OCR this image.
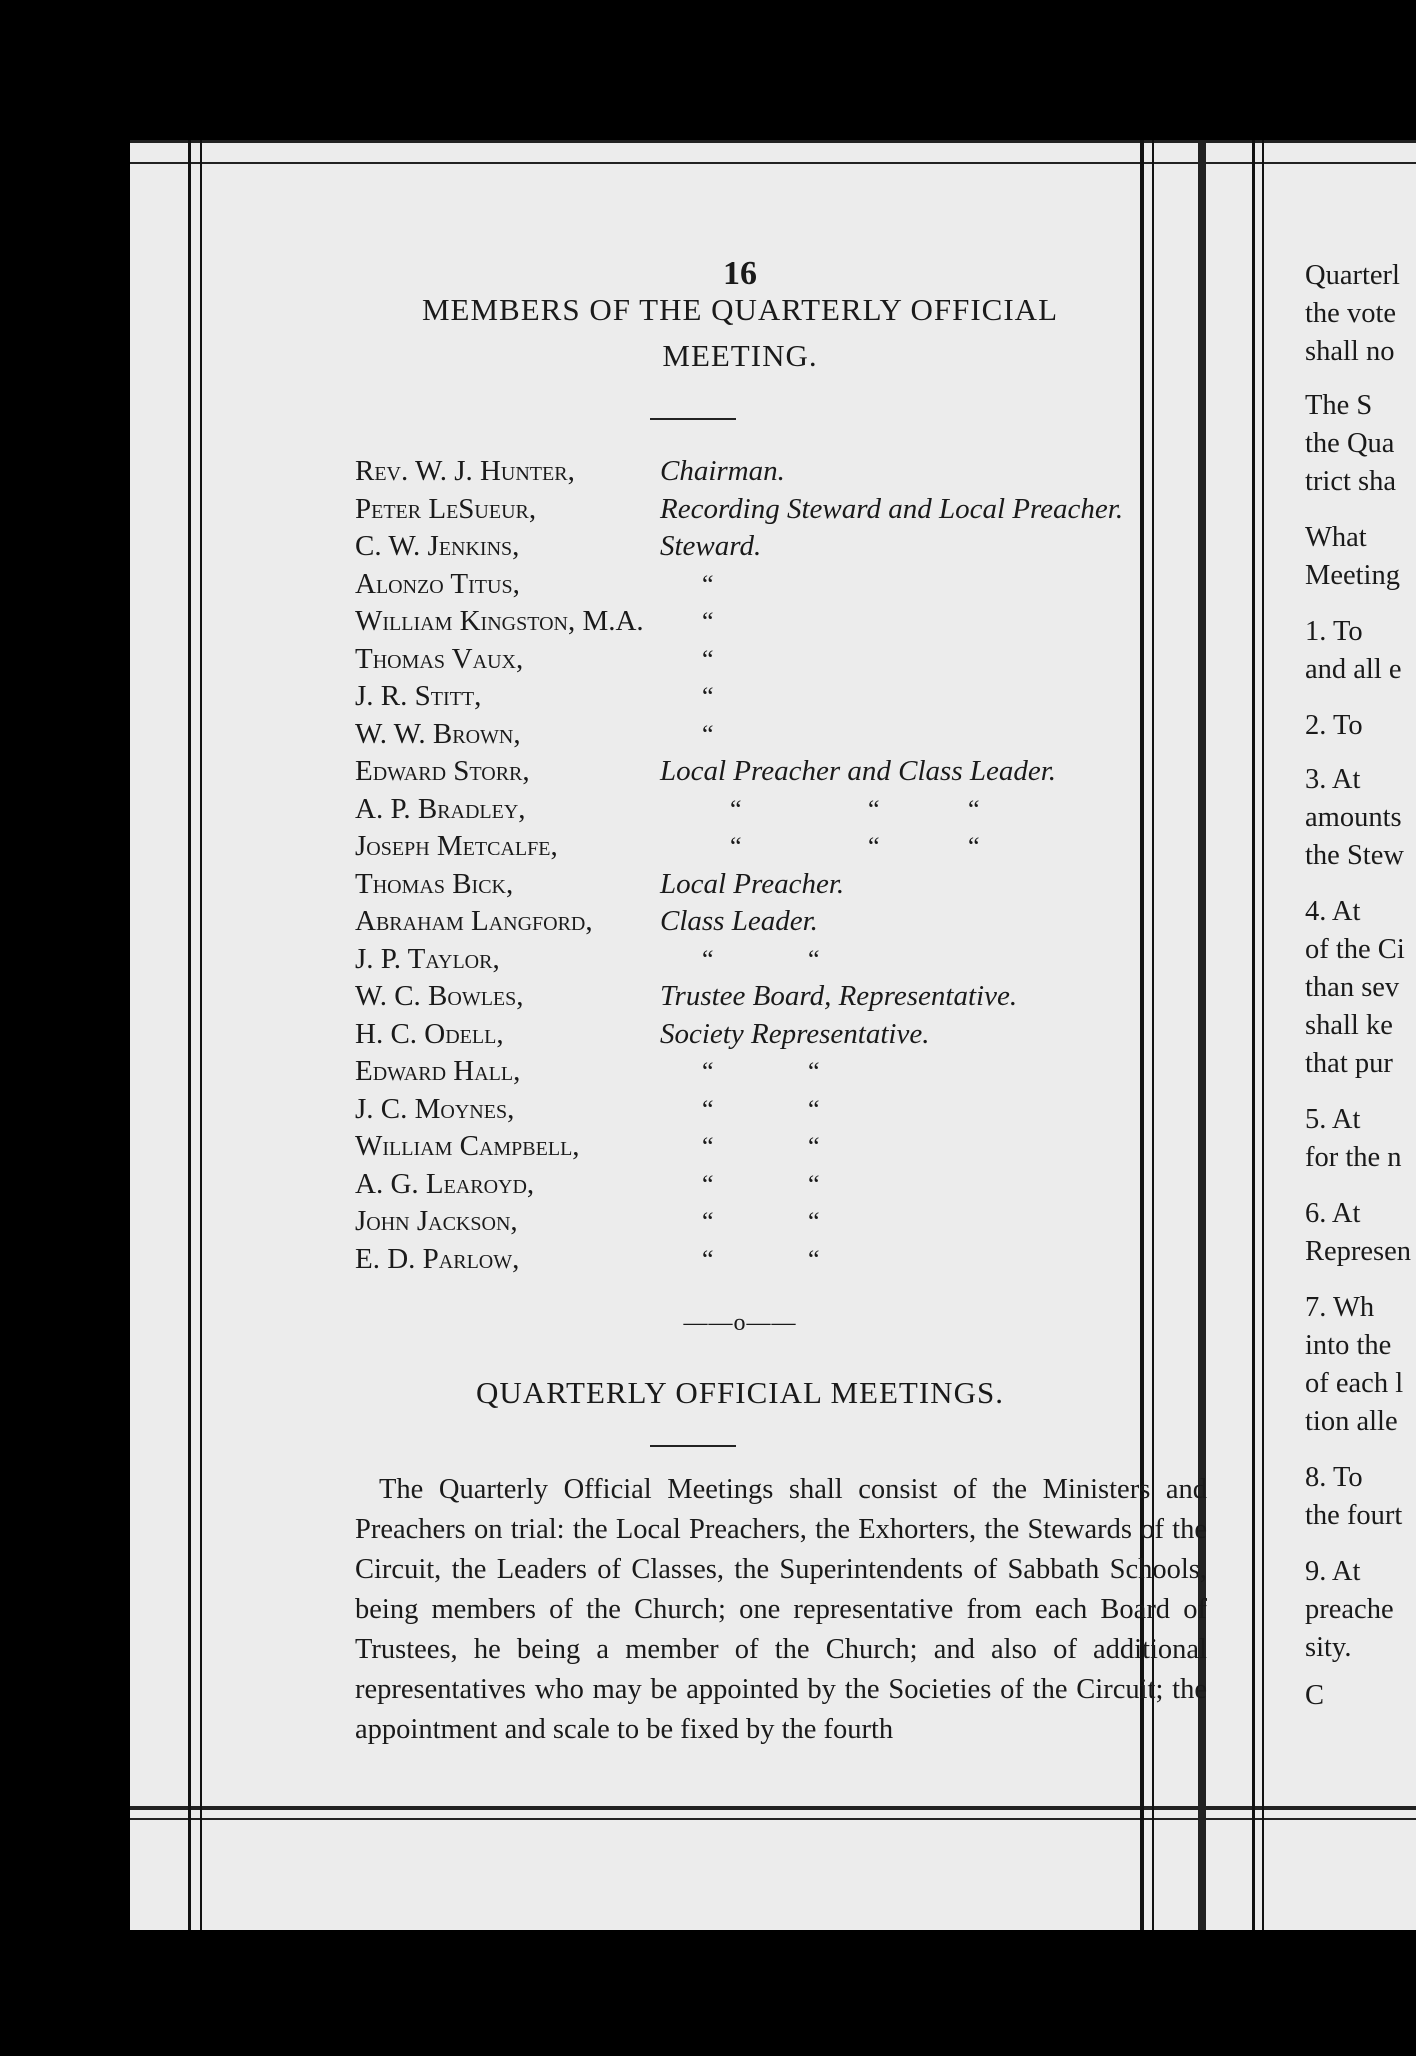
16
MEMBERS OF THE QUARTERLY OFFICIAL
MEETING.
Rev. W. J. Hunter,	Chairman.
Peter LeSueur,	Recording Steward and Local Preacher.
C. W. Jenkins,	Steward.
Alonzo Titus,	“
William Kingston, M.A. “
Thomas Vaux,	“
J. R. Stitt,	“
W. W. Brown,	“
Edward Storr,	Local Preacher and Class Leader.
A. P. Bradley,	“	“	“
Joseph Metcalfe,	“	“	“
Thomas Bick,	Local Preacher.
Abraham Langford, Class Leader.
J. P. Taylor,	“	“
W. C. Bowles,	Trustee Board, Representative.
H. C. Odell,	Society Representative.
Edward Hall,	“	“
J. C. Moynes,	“	“
William Campbell,	“	“
A. G. Learoyd,	“	“
John Jackson,	“	“
E. D. Parlow,	“	“
——o——
QUARTERLY OFFICIAL MEETINGS.
The Quarterly Official Meetings shall consist of the Ministers and Preachers on trial: the Local Preachers, the Exhorters, the Stewards of the Circuit, the Leaders of Classes, the Superintendents of Sabbath Schools, being members of the Church; one representative from each Board of Trustees, he being a member of the Church; and also of additional representatives who may be appointed by the Societies of the Circuit; the appointment and scale to be fixed by the fourth
Quarterl
the vote
shall no
The S
the Qua
trict sha
What
Meeting
1. To
and all e
2. To
3. At
amounts
the Stew
4. At
of the Ci
than sev
shall ke
that pur
5. At
for the n
6. At
Represen
7. Wh
into the
of each l
tion alle
8. To
the fourt
9. At
preache
sity.
C
